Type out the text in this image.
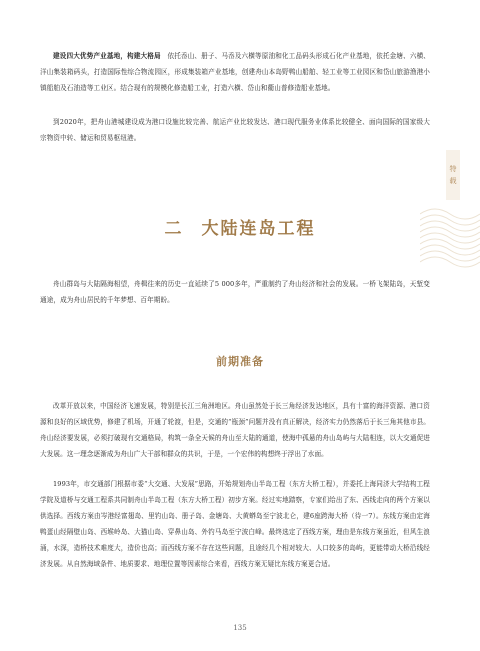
建设四大优势产业基地，构建大格局　依托岙山、册子、马岙及六横等原油和化工品码头形成石化产业基地，依托金塘、六横、洋山集装箱码头，打造国际性综合物流园区，形成集装箱产业基地，创建舟山本岛野鸭山船舶、轻工业等工业园区和岱山旅游渔港小镇船舶及石油造等工业区。结合现有的规模化修造船工业，打造六横、岱山和衢山普修造船业基地。

到2020年，把舟山港城建设成为港口设施比较完善、航运产业比较发达、港口现代服务业体系比较健全、面向国际的国家级大宗物资中转、储运和贸易枢纽港。

特
载
二 大陆连岛工程

舟山群岛与大陆隔海相望，舟楫往来的历史一直延续了5 000多年，严重制约了舟山经济和社会的发展。一桥飞架陆岛，天堑变通途，成为舟山居民的千年梦想、百年期盼。

前期准备

改革开放以来，中国经济飞速发展，特别是长江三角洲地区。舟山虽然处于长三角经济发达地区，具有十富的海洋资源、港口资源和良好的区域优势，修建了机场，开通了轮渡，但是，交通的“瓶颈”问题并没有真正解决，经济实力仍然落后于长三角其他市县。舟山经济要发展，必须打破现有交通格局，构筑一条全天候的舟山至大陆的通道，使海中孤悬的舟山岛屿与大陆相连，以大交通促进大发展。这一理念逐渐成为舟山广大干部和群众的共识，于是，一个宏伟的构想终于浮出了水面。

1993年，市交通部门根据市委“大交通、大发展”思路，开始规划舟山半岛工程（东方大桥工程），并委托上海同济大学结构工程学院及道桥与交通工程系共同制舟山半岛工程（东方大桥工程）初步方案。经过实地踏察，专家们给出了东、西线走向的两个方案以供选择。西线方案由岑港经富翅岛、里钓山岛、册子岛、金塘岛、大黄蟒岛至宁波北仑，建6座跨海大桥（待一7）。东线方案由定海鸭蛋山经隔壁山岛、西堠岭岛、大猫山岛、穿鼻山岛、外钓马岛至宁波白峰。最终选定了西线方案，理由是东线方案虽近，但风生浪涌，水深，造桥技术难度大，造价也高；而西线方案不存在这些问题，且途经几个相对较大、人口较多的岛屿，更能带动大桥沿线经济发展。从自然海域条件、地质要求、地理位置等因素综合来看，西线方案无疑比东线方案更合适。

135
